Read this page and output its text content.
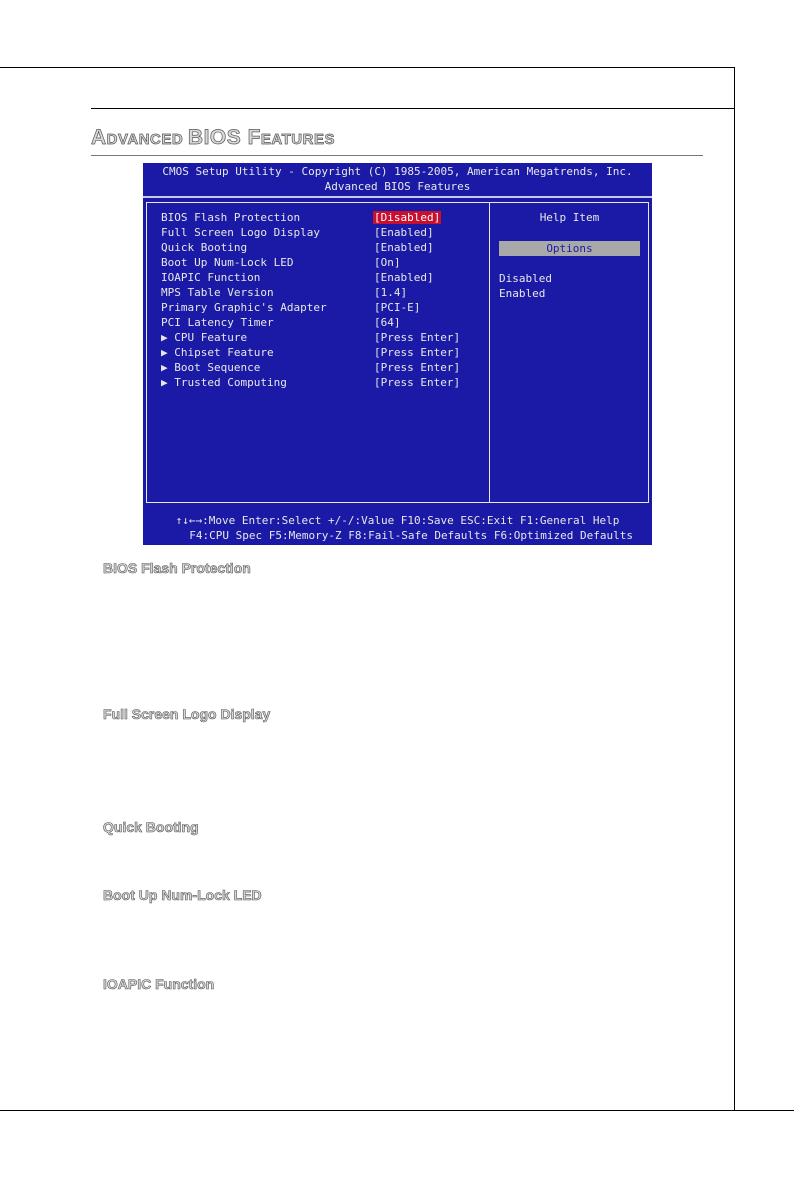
ADVANCED BIOS FEATURES
CMOS Setup Utility - Copyright (C) 1985-2005, American Megatrends, Inc.
Advanced BIOS Features
BIOS Flash Protection	[Disabled]
Full Screen Logo Display	[Enabled]
Quick Booting	[Enabled]
Boot Up Num-Lock LED	[On]
IOAPIC Function	[Enabled]
MPS Table Version	[1.4]
Primary Graphic's Adapter	[PCI-E]
PCI Latency Timer	[64]
▶ CPU Feature	[Press Enter]
▶ Chipset Feature	[Press Enter]
▶ Boot Sequence	[Press Enter]
▶ Trusted Computing	[Press Enter]
Help Item
Options
Disabled
Enabled
↑↓←→:Move Enter:Select +/-/:Value F10:Save ESC:Exit F1:General Help
F4:CPU Spec F5:Memory-Z F8:Fail-Safe Defaults F6:Optimized Defaults
BIOS Flash Protection
Full Screen Logo Display
Quick Booting
Boot Up Num-Lock LED
IOAPIC Function
